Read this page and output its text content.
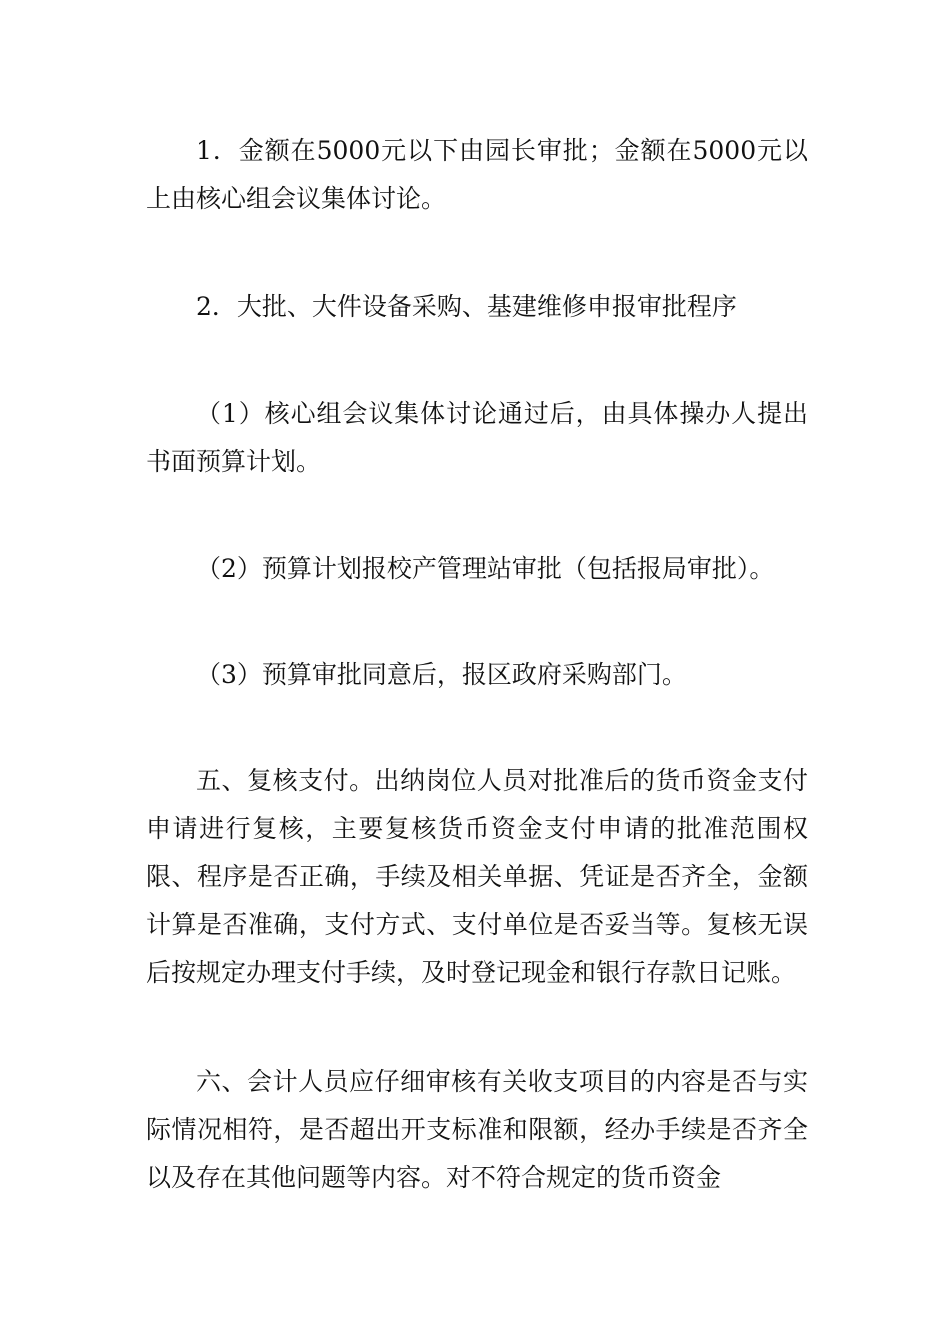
1．金额在5000元以下由园长审批；金额在5000元以上由核心组会议集体讨论。

2．大批、大件设备采购、基建维修申报审批程序

（1）核心组会议集体讨论通过后，由具体操办人提出书面预算计划。

（2）预算计划报校产管理站审批（包括报局审批）。

（3）预算审批同意后，报区政府采购部门。

五、复核支付。出纳岗位人员对批准后的货币资金支付申请进行复核，主要复核货币资金支付申请的批准范围权限、程序是否正确，手续及相关单据、凭证是否齐全，金额计算是否准确，支付方式、支付单位是否妥当等。复核无误后按规定办理支付手续，及时登记现金和银行存款日记账。

六、会计人员应仔细审核有关收支项目的内容是否与实际情况相符，是否超出开支标准和限额，经办手续是否齐全以及存在其他问题等内容。对不符合规定的货币资金
